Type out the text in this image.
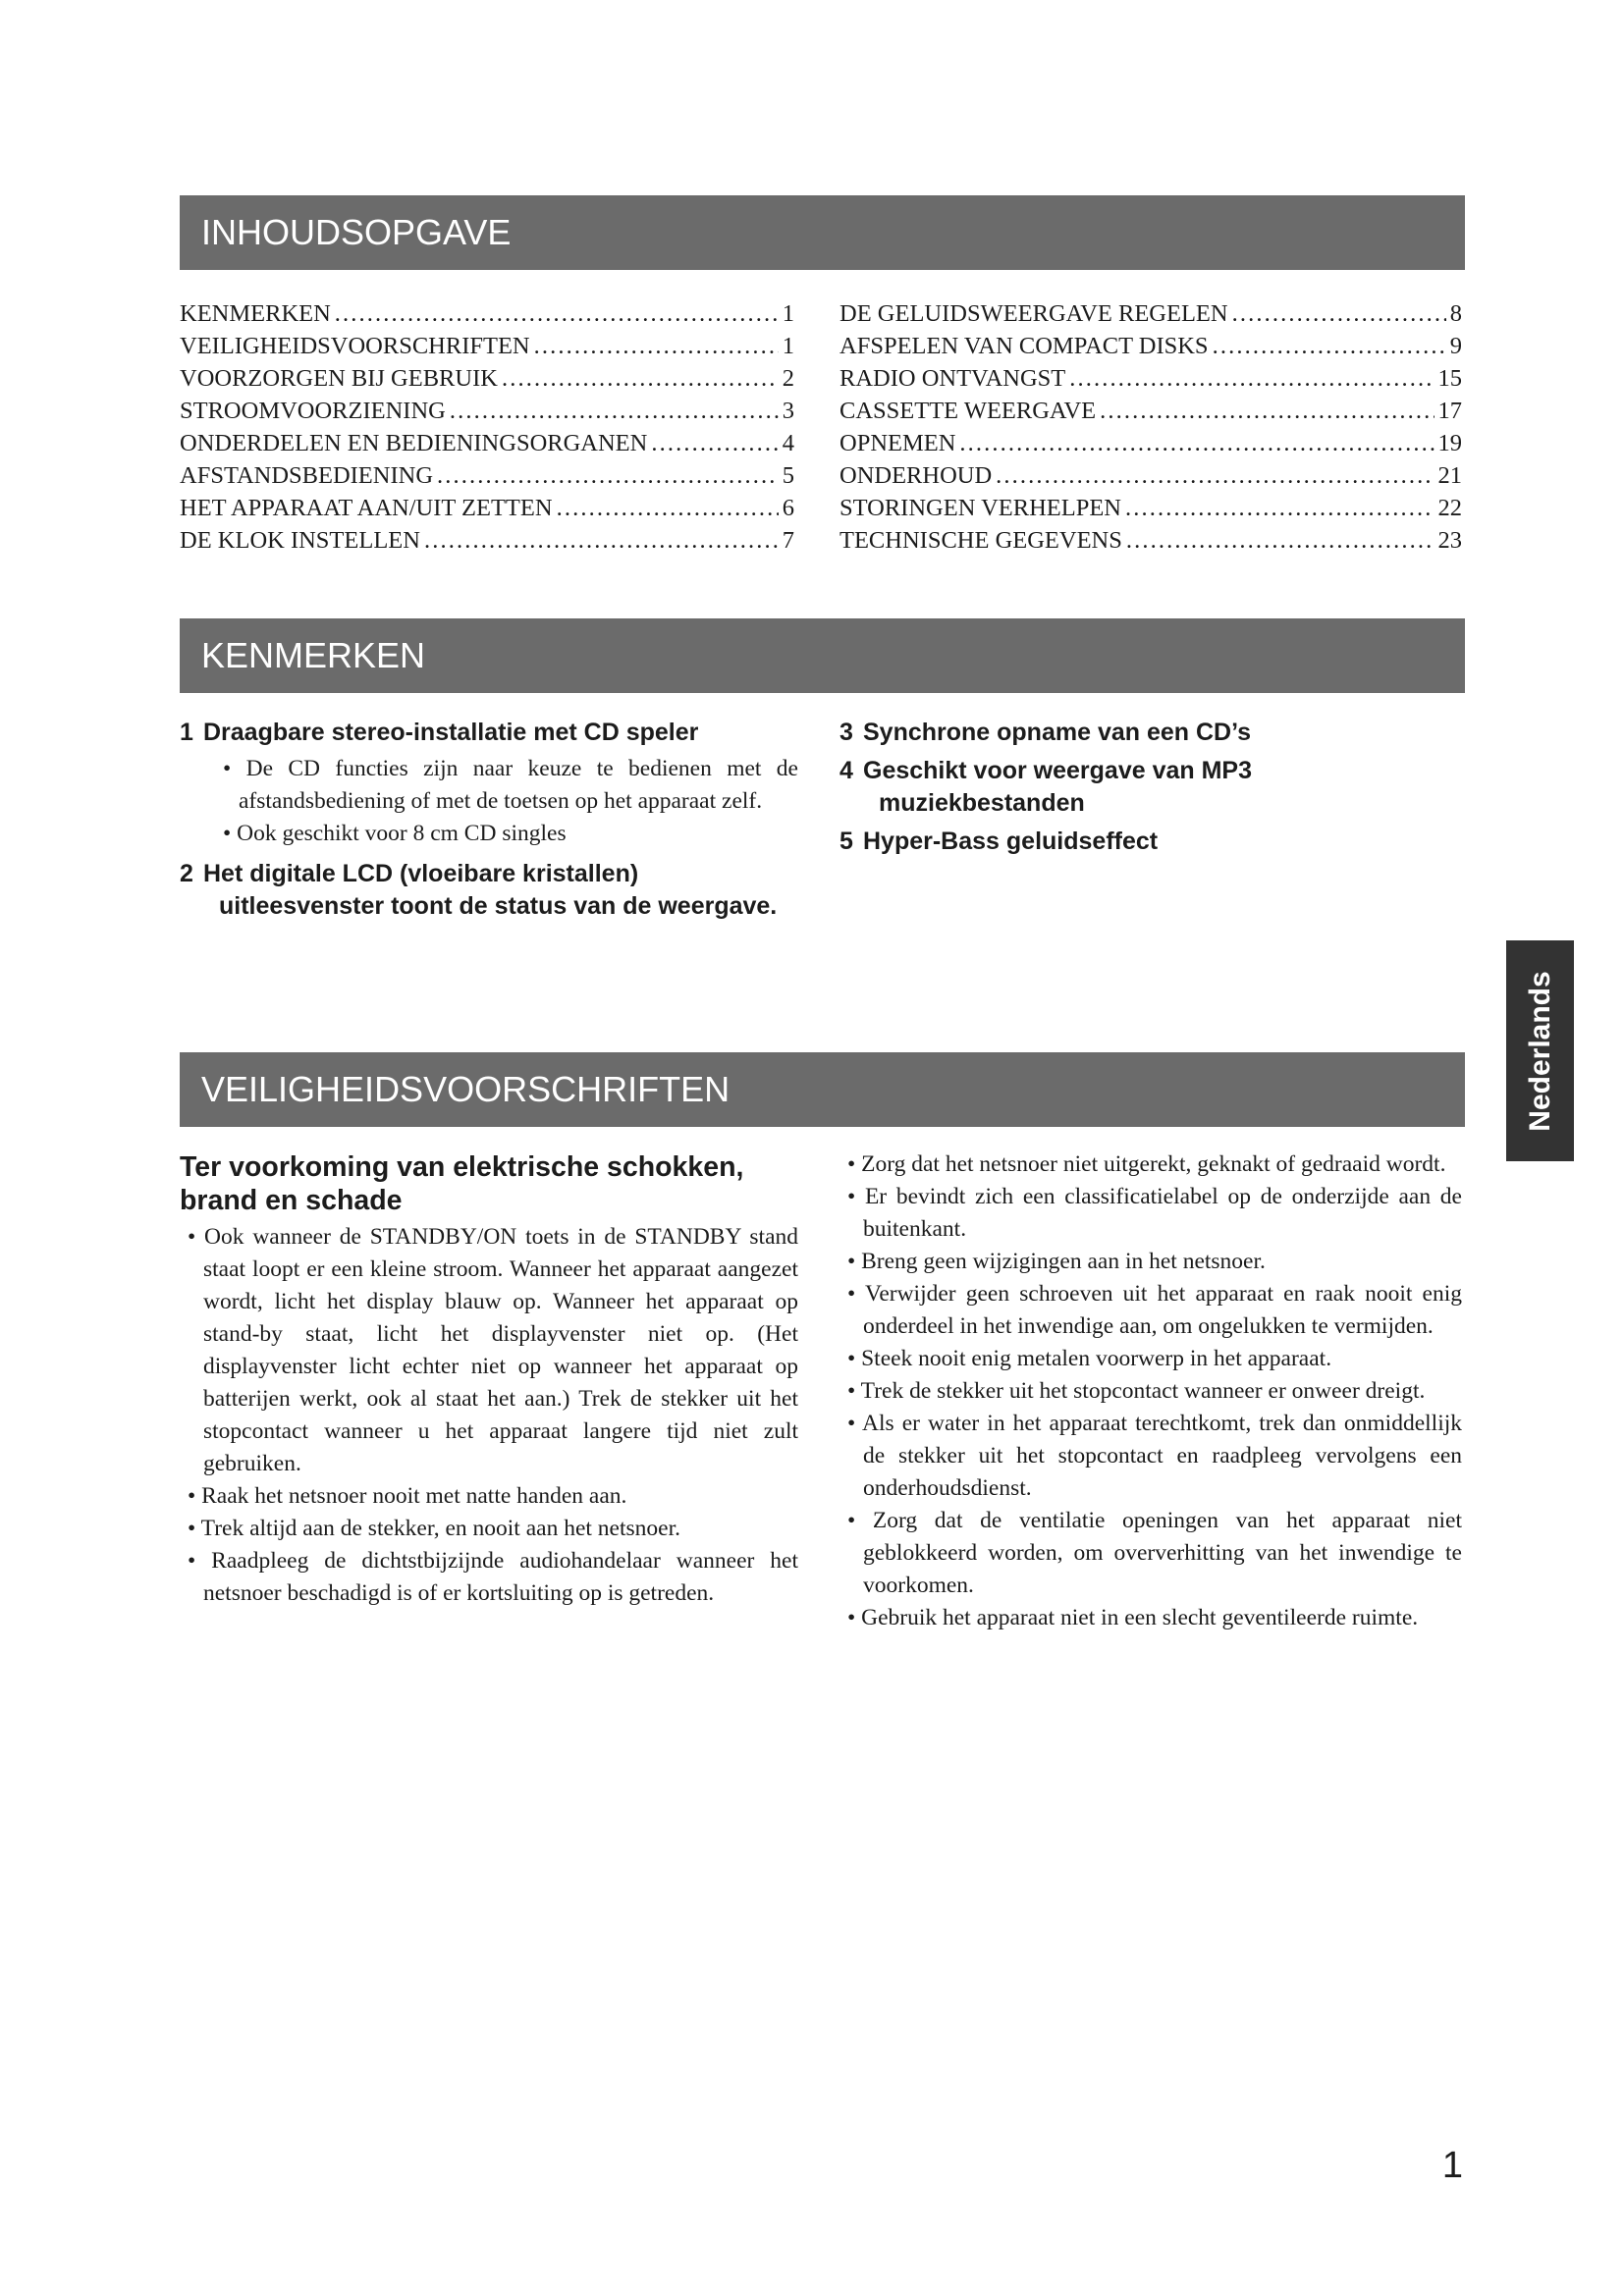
INHOUDSOPGAVE
KENMERKEN . . .	1
VEILIGHEIDSVOORSCHRIFTEN . . .	1
VOORZORGEN BIJ GEBRUIK . . .	2
STROOMVOORZIENING . . .	3
ONDERDELEN EN BEDIENINGSORGANEN . . .	4
AFSTANDSBEDIENING . . .	5
HET APPARAAT AAN/UIT ZETTEN . . .	6
DE KLOK INSTELLEN . . .	7
DE GELUIDSWEERGAVE REGELEN . . .	8
AFSPELEN VAN COMPACT DISKS . . .	9
RADIO ONTVANGST . . .	15
CASSETTE WEERGAVE . . .	17
OPNEMEN . . .	19
ONDERHOUD . . .	21
STORINGEN VERHELPEN . . .	22
TECHNISCHE GEGEVENS . . .	23
KENMERKEN
1 Draagbare stereo-installatie met CD speler
• De CD functies zijn naar keuze te bedienen met de afstandsbediening of met de toetsen op het apparaat zelf.
• Ook geschikt voor 8 cm CD singles
2 Het digitale LCD (vloeibare kristallen)
uitleesvenster toont de status van de weergave.
3 Synchrone opname van een CD’s
4 Geschikt voor weergave van MP3
muziekbestanden
5 Hyper-Bass geluidseffect
VEILIGHEIDSVOORSCHRIFTEN
Ter voorkoming van elektrische schokken, brand en schade
• Ook wanneer de STANDBY/ON toets in de STANDBY stand staat loopt er een kleine stroom. Wanneer het apparaat aangezet wordt, licht het display blauw op. Wanneer het apparaat op stand-by staat, licht het displayvenster niet op. (Het displayvenster licht echter niet op wanneer het apparaat op batterijen werkt, ook al staat het aan.) Trek de stekker uit het stopcontact wanneer u het apparaat langere tijd niet zult gebruiken.
• Raak het netsnoer nooit met natte handen aan.
• Trek altijd aan de stekker, en nooit aan het netsnoer.
• Raadpleeg de dichtstbijzijnde audiohandelaar wanneer het netsnoer beschadigd is of er kortsluiting op is getreden.
• Zorg dat het netsnoer niet uitgerekt, geknakt of gedraaid wordt.
• Er bevindt zich een classificatielabel op de onderzijde aan de buitenkant.
• Breng geen wijzigingen aan in het netsnoer.
• Verwijder geen schroeven uit het apparaat en raak nooit enig onderdeel in het inwendige aan, om ongelukken te vermijden.
• Steek nooit enig metalen voorwerp in het apparaat.
• Trek de stekker uit het stopcontact wanneer er onweer dreigt.
• Als er water in het apparaat terechtkomt, trek dan onmiddellijk de stekker uit het stopcontact en raadpleeg vervolgens een onderhoudsdienst.
• Zorg dat de ventilatie openingen van het apparaat niet geblokkeerd worden, om oververhitting van het inwendige te voorkomen.
• Gebruik het apparaat niet in een slecht geventileerde ruimte.
Nederlands
1
